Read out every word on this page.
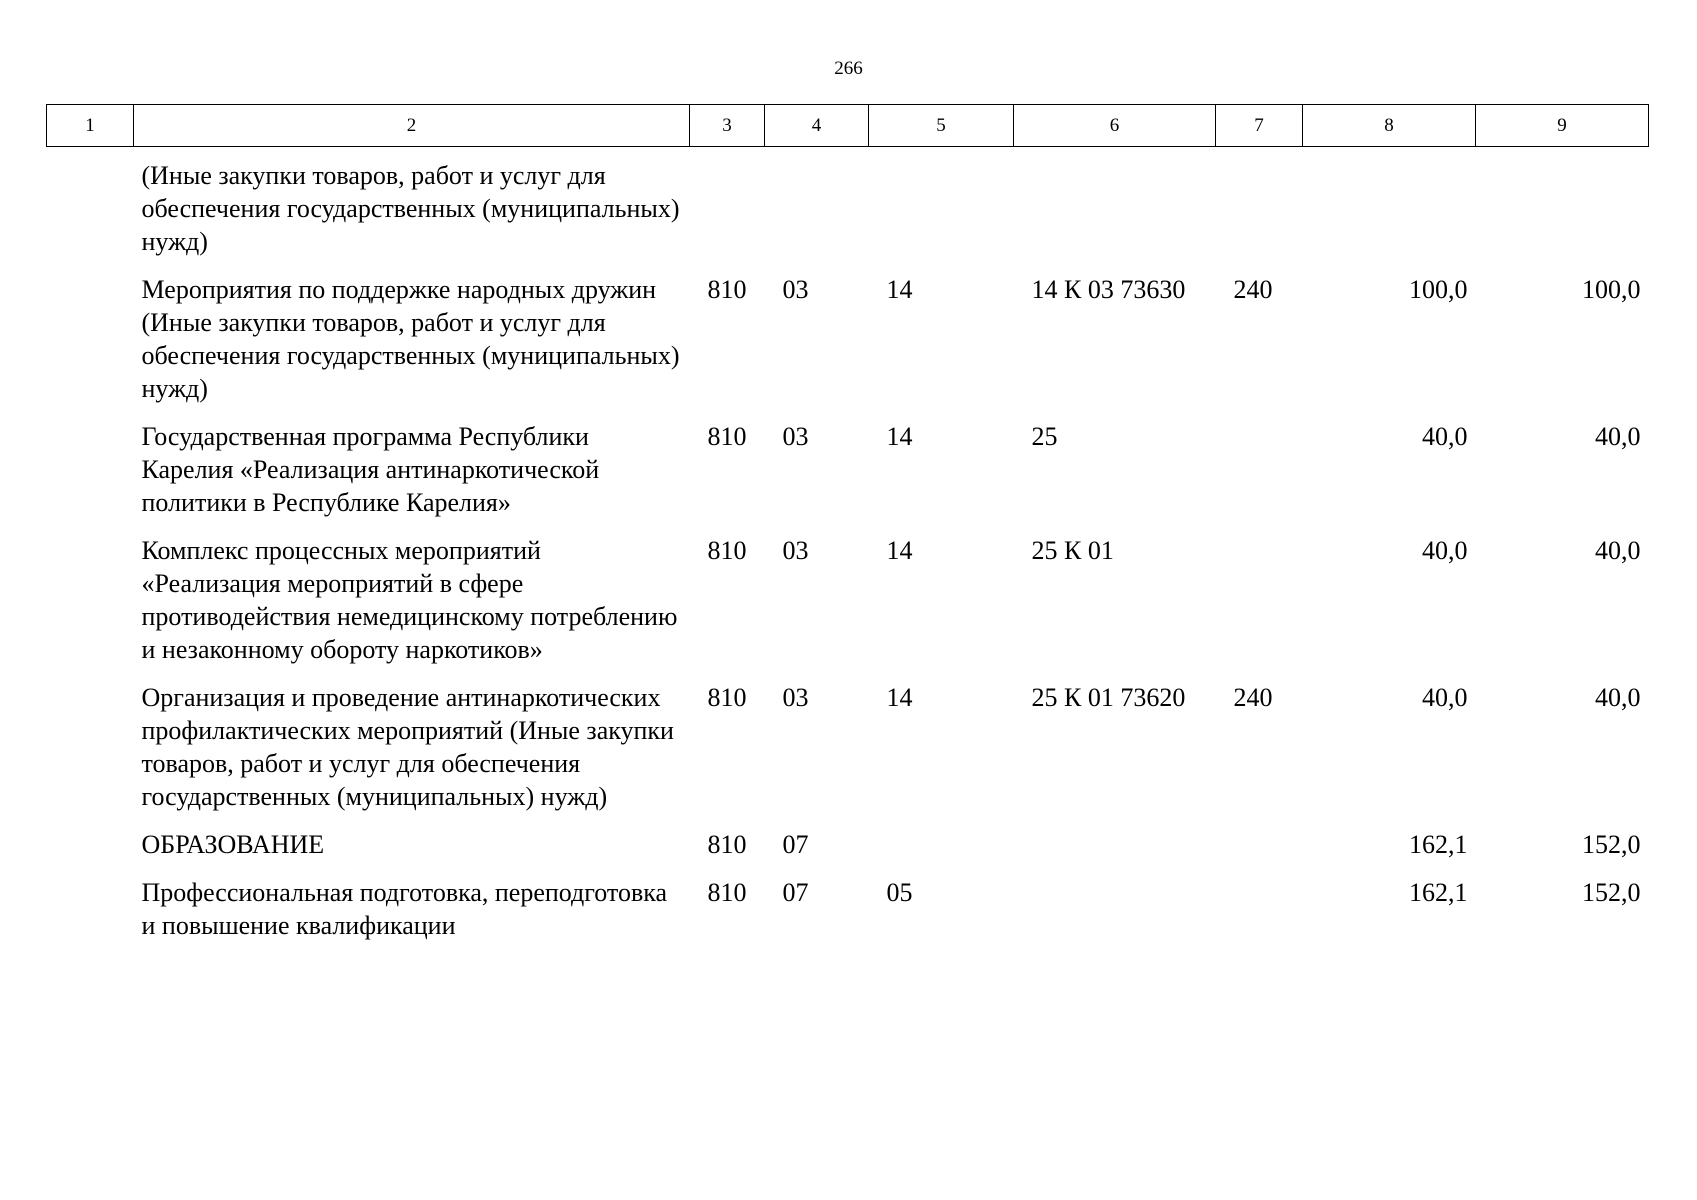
266
1	2	3	4	5	6	7	8	9
	(Иные закупки товаров, работ и услуг для обеспечения государственных (муниципальных) нужд)							
	Мероприятия по поддержке народных дружин (Иные закупки товаров, работ и услуг для обеспечения государственных (муниципальных) нужд)	810	03	14	14 К 03 73630	240	100,0	100,0
	Государственная программа Республики Карелия «Реализация антинаркотической политики в Республике Карелия»	810	03	14	25		40,0	40,0
	Комплекс процессных мероприятий «Реализация мероприятий в сфере противодействия немедицинскому потреблению и незаконному обороту наркотиков»	810	03	14	25 К 01		40,0	40,0
	Организация и проведение антинаркотических профилактических мероприятий (Иные закупки товаров, работ и услуг для обеспечения государственных (муниципальных) нужд)	810	03	14	25 К 01 73620	240	40,0	40,0
	ОБРАЗОВАНИЕ	810	07				162,1	152,0
	Профессиональная подготовка, переподготовка и повышение квалификации	810	07	05			162,1	152,0
